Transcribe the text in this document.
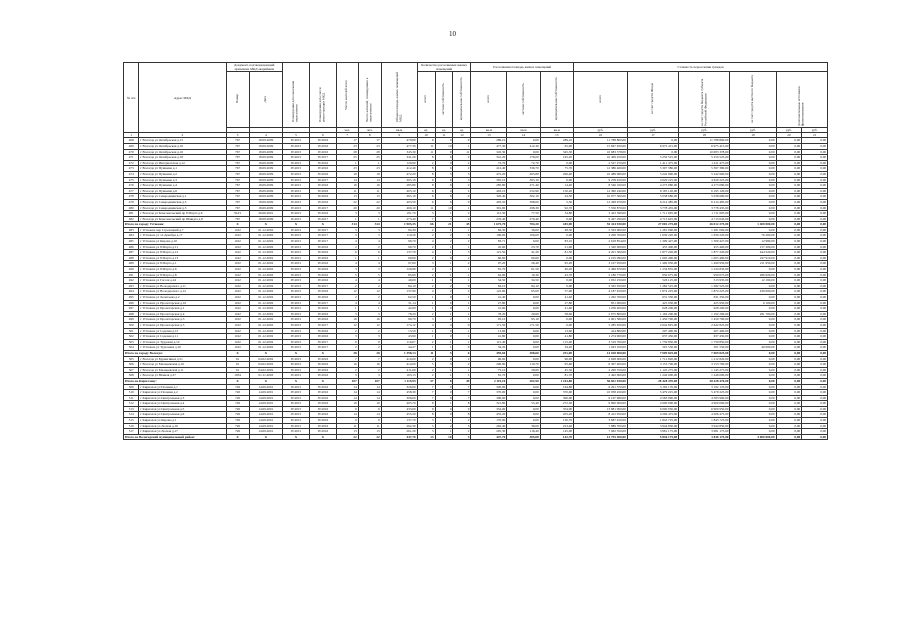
10
№ п/п	Адрес МКД	Документ, подтверждающий признание МКД аварийным		Планируемая дата окончания переселения	Планируемая дата сноса/реконструкции МКД	Число жителей всего	Число жителей, планируемых к переселению	Общая площадь жилых помещений МКД	Количество расселяемых жилых помещений			Расселяемая площадь жилых помещений			Стоимость переселения граждан					
		Номер	Дата						всего	частная собственность	муниципальная собственность	всего	частная собственность	муниципальная собственность	всего	за счет средств Фонда	за счет средств бюджета субъекта Российской Федерации	за счет средств местного бюджета	Дополнительные источники финансирования	
						чел.	чел.	кв.м	ед.	ед.	ед.	кв.м	кв.м	кв.м	руб.	руб.	руб.	руб.	руб.	руб.
1	2	3	4	5	6	7	8	9	10	11	12	13	14	15	16	17	18	19	20	21
468	г Вологда ул Октябрьская д.15	767	18.09.2009	IV.2015	IV.2016	17	17	479,80	9	0	9	289,10	0,00	289,10	11 788 800,00	0,00	11 788 800,00	0,00	0,00	0,00
469	г Вологда ул Октябрьская д.16	767	18.09.2009	IV.2015	IV.2016	23	23	477,30	11	10	1	477,30	412,30	65,00	15 847 650,00	6 975 415,00	6 975 415,00	0,00	0,00	0,00
470	г Вологда ул Октябрьская д.16	767	18.09.2009	IV.2015	IV.2016	28	28	345,30	11	0	11	345,30	0,00	345,30	10 683 378,00	0,00	10 683 378,00	0,00	0,00	0,00
471	г Вологда ул Октябрьская д.18	767	18.09.2009	IV.2015	IV.2017	25	25	341,20	8	6	2	341,20	176,00	165,20	10 409 450,00	5 250 525,00	5 250 525,00	0,00	0,00	0,00
472	г Вологда ул Интернатская д.12	767	18.09.2009	IV.2015	IV.2016	1	1	120,90	2	0	2	72,70	72,70	0,00	2 527 270,00	1 411 475,00	1 411 475,00	0,00	0,00	0,00
473	г Вологда ул Пушкина д.1	767	18.09.2009	IV.2015	IV.2016	23	23	412,40	8	6	2	412,40	336,70	75,70	12 386 460,00	5 397 380,00	5 397 380,00	0,00	0,00	0,00
474	г Вологда ул Пушкина д.2	767	18.09.2009	IV.2015	IV.2016	19	19	472,20	8	5	3	472,20	265,80	206,40	10 489 980,00	5 242 990,00	5 242 990,00	0,00	0,00	0,00
475	г Вологда ул Пушкина д.3	767	18.09.2009	IV.2015	IV.2017	14	14	305,10	9	6	3	305,10	305,10	0,00	9 258 450,00	4 629 225,00	4 629 225,00	0,00	0,00	0,00
476	г Вологда ул Пушкина д.4	767	18.09.2009	IV.2015	IV.2016	19	19	285,80	8	6	2	285,80	271,40	14,40	8 546 160,00	4 273 080,00	4 273 080,00	0,00	0,00	0,00
477	г Вологда ул Пушкина д.6	767	18.09.2009	IV.2015	IV.2016	11	11	403,10	6	4	2	403,10	252,90	150,20	12 390 240,00	6 195 120,00	6 195 120,00	0,00	0,00	0,00
478	г Вологда ул Северодвинская д.1	767	18.09.2009	IV.2015	IV.2016	13	13	365,10	6	6	0	326,40	302,10	24,30	10 077 360,00	5 038 680,00	5 038 680,00	0,00	0,00	0,00
479	г Вологда ул Северодвинская д.3	767	18.09.2009	IV.2015	IV.2016	22	22	403,50	6	6	0	403,50	398,00	5,50	12 428 970,00	6 214 485,00	6 214 485,00	0,00	0,00	0,00
480	г Вологда ул Северодвинская д.5	767	18.09.2009	IV.2015	IV.2017	20	20	460,10	11	10	1	391,00	298,30	92,70	7 556 870,00	3 778 435,00	3 778 435,00	0,00	0,00	0,00
481	г Вологда ул Комсомольский пр 8 Марта д.6	354/1	26.06.2001	IV.2015	IV.2016	3	3	191,70	3	1	2	112,30	77,50	34,80	3 423 390,00	1 711 695,00	1 711 695,00	0,00	0,00	0,00
482	г Вологда ул Комсомольский пр Шмидта д.8	767	18.09.2009	IV.2015	IV.2017	1	1	273,40	7	7	0	276,40	276,40	0,00	9 427 290,00	4 713 645,00	4 713 645,00	0,00	0,00	0,00
Итого по городу Устюжна:		X	X	X	X	314	314	1 905,35	66	21	45	1 675,70	704,20	445,90	55 414 930,00	27 002 275,00	26 012 275,00	1 400 000,00	0,00	0,00
483	г Устюжна пер Стрелецкий д.7	1162	01.12.2002	IV.2015	IV.2017	3	3	84,30	2	1	1	84,30	36,00	48,30	2 563 000,00	1 281 000,00	1 281 000,00	0,00	0,00	0,00
484	г Устюжна ул 14 Декабря д.17	1162	01.12.2002	IV.2015	IV.2017	3	3	110,20	2	2	0	106,00	106,00	0,00	3 206 700,00	1 630 220,00	1 630 220,00	76 260,00	0,00	0,00
485	г Устюжна ул Кирова д.10	1162	01.12.2002	IV.2015	IV.2017	4	4	96,70	4	2	2	83,71	0,00	83,10	2 618 854,00	1 309 427,00	1 309 427,00	12 980,00	0,00	0,00
486	г Устюжна ул 8 Марта д.11	1162	01.12.2002	IV.2015	IV.2016	2	2	90,70	2	1	1	45,60	23,70	21,90	1 320 000,00	455 400,00	455 400,00	157 200,00	0,00	0,00
487	г Устюжна ул 8 Марта д.12	1162	01.12.2002	IV.2015	IV.2016	6	6	137,70	4	1	3	121,50	41,20	81,30	4 201 300,00	1 877 220,00	1 877 220,00	444 520,00	0,00	0,00
488	г Устюжна ул 8 Марта д.13	1162	01.12.2002	IV.2015	IV.2016	1	1	60,60	2	0	2	60,60	60,60	0,00	2 105 090,00	1 005 490,00	1 005 490,00	197 910,00	0,00	0,00
489	г Устюжна ул 8 Марта д.1	1162	01.12.2002	IV.2015	IV.2016	4	4	97,60	3	1	2	97,20	26,40	65,20	3 107 950,00	1 490 950,00	1 490 950,00	211 950,00	0,00	0,00
490	г Устюжна ул 8 Марта д.6	1162	01.12.2002	IV.2015	IV.2016	3	3	120,90	2	1	1	81,70	61,50	40,20	2 469 670,00	1 234 835,00	1 234 835,00	0,00	0,00	0,00
491	г Устюжна ул 8 Марта д.8	1162	01.12.2002	IV.2015	IV.2016	5	5	85,60	2	1	1	62,90	19,30	43,70	2 186 770,00	950 075,00	950 075,00	286 620,00	0,00	0,00
492	г Устюжна ул Гоголя д.24	1162	01.12.2002	IV.2015	IV.2016	4	4	49,00	1	0	1	34,50	34,50	0,00	1 052 250,00	526 125,00	513 935,00	12 190,00	0,00	0,00
493	г Устюжна ул Володарского д.11	1162	01.12.2002	IV.2015	IV.2017	2	2	84,10	2	2	0	84,10	84,10	0,00	2 565 050,00	1 282 525,00	1 282 525,00	0,00	0,00	0,00
494	г Устюжна ул Володарского д.12	1162	01.12.2002	IV.2015	IV.2016	12	12	137,90	4	2	2	122,90	65,00	57,90	4 187 450,00	1 874 225,00	1 874 225,00	439 000,00	0,00	0,00
495	г Устюжна ул Леонтьева д.2	1162	01.12.2002	IV.2015	IV.2016	2	2	62,50	1	0	1	41,40	0,00	41,40	1 262 700,00	631 350,00	631 350,00	0,00	0,00	0,00
496	г Устюжна ул Пролетарская д.16	1162	01.12.2002	IV.2015	IV.2017	4	4	31,14	1	0	1	27,80	0,00	27,80	851 000,00	425 950,00	425 950,00	6 100,00	0,00	0,00
497	г Устюжна ул Пролетарская д.1	1162	01.12.2002	IV.2015	IV.2016	1	1	42,60	1	0	1	41,60	0,00	41,60	1 256 400,00	628 200,00	628 200,00	0,00	0,00	0,00
498	г Устюжна ул Пролетарская д.4	1162	01.12.2002	IV.2015	IV.2016	3	3	78,20	2	1	1	78,20	20,60	58,60	2 675 800,00	1 192 200,00	1 192 200,00	291 700,00	0,00	0,00
499	г Устюжна ул Пролетарская д.3	1162	01.12.2002	IV.2015	IV.2016	16	16	99,70	3	2	1	95,10	95,10	0,00	2 901 580,00	1 450 790,00	1 450 790,00	0,00	0,00	0,00
500	г Устюжна ул Пролетарская д.5	1162	01.12.2002	IV.2015	IV.2017	12	12	174,12	4	4	0	171,50	171,50	0,00	5 285 650,00	2 642 825,00	2 642 825,00	0,00	0,00	0,00
501	г Устюжна ул Садовая д.12	1162	01.12.2002	IV.2015	IV.2016	2	2	13,50	1	0	1	13,60	0,00	13,60	414 800,00	207 400,00	207 400,00	0,00	0,00	0,00
502	г Устюжна ул Садовая д.11	1162	01.12.2002	IV.2015	IV.2016	3	3	43,90	1	0	1	41,80	0,00	41,80	1 274 900,00	637 450,00	637 450,00	0,00	0,00	0,00
503	г Устюжна ул Трудовая д.10	1162	01.12.2002	IV.2015	IV.2017	9	9	119,07	2	1	1	115,40	0,00	115,40	3 519 700,00	1 759 850,00	1 759 850,00	0,00	0,00	0,00
504	г Устюжна ул Тургенева д.16	1162	01.12.2002	IV.2015	IV.2017	2	2	44,27	1	1	0	34,20	0,00	34,20	1 043 100,00	501 550,00	501 550,00	40 000,00	0,00	0,00
Итого по городу Вологда:		X	X	X	X	28	28	1 398,13	11	5	6	459,60	208,60	251,00	14 018 000,00	7 009 825,00	7 009 825,00	0,00	0,00	0,00
505	г Вологда ул Бурмагиных д.51	61	04.02.2002	IV.2015	IV.2016	7	7	410,00	2	0	2	96,00	0,00	96,00	2 928 000,00	1 712 820,00	1 212 820,00	0,00	0,00	0,00
506	г Вологда ул Мальцевская д.10	61	04.02.2002	IV.2015	IV.2016	16	16	414,00	5	3	2	206,80	110,70	95,60	6 307 400,00	3 153 700,00	3 153 700,00	0,00	0,00	0,00
507	г Вологда ул Мальцевская д.11	61	04.02.2002	IV.2015	IV.2016	2	2	411,00	2	1	1	75,10	29,60	45,50	2 290 550,00	1 145 275,00	1 145 275,00	0,00	0,00	0,00
508	г Вологда ул Южная д.37	1634	01.11.2003	IV.2015	IV.2016	3	3	163,13	2	1	1	81,70	0,00	81,70	2 492 000,00	1 249 000,00	1 246 000,00	0,00	0,00	0,00
Итого по Кириллову:		X	X	X	X	107	107	1 119,95	57	8	49	2 119,10	202,90	1 243,80	56 831 930,00	28 428 470,00	28 428 470,00	0,00	0,00	0,00
509	г Кириллов ул Полевая д.1	726	14.09.2001	IV.2015	IV.2016	14	14	320,00	7	0	7	320,00	0,00	164,88	6 201 370,00	3 192 170,00	3 192 170,00	0,00	0,00	0,00
510	г Кириллов ул Полевая д.2	726	14.09.2001	IV.2015	IV.2016	14	14	458,30	7	0	7	370,00	0,00	370,00	10 958 450,00	5 479 225,00	5 479 225,00	0,00	0,00	0,00
511	г Кириллов ул Центральная д.3	726	14.09.2001	IV.2015	IV.2016	14	14	306,00	7	0	7	306,00	0,00	306,00	9 167 980,00	4 583 990,00	4 583 990,00	0,00	0,00	0,00
512	г Кириллов ул Центральная д.4	726	14.09.2001	IV.2015	IV.2016	19	19	405,70	9	1	8	321,80	55,40	272,30	9 800 000,00	4 900 000,00	4 900 000,00	0,00	0,00	0,00
513	г Кириллов ул Центральная д.5	726	14.09.2001	IV.2015	IV.2016	9	9	433,00	9	0	9	354,00	0,00	354,00	13 881 900,00	6 900 950,00	6 900 950,00	0,00	0,00	0,00
514	г Кириллов ул Центральная д.6	726	14.09.2001	IV.2015	IV.2016	14	14	455,20	8	0	8	455,20	0,00	455,20	8 412 950,00	4 206 475,00	4 206 475,00	0,00	0,00	0,00
515	г Кириллов ул Кирова д.1	726	14.09.2001	IV.2015	IV.2016	9	9	137,70	3	1	2	170,90	0,00	130,70	3 687 450,00	1 843 725,00	1 843 725,00	0,00	0,00	0,00
516	г Кириллов ул Лесная д.16	726	14.09.2001	IV.2015	IV.2016	11	11	262,30	5	2	3	262,40	39,00	223,40	7 889 700,00	3 944 850,00	3 944 850,00	0,00	0,00	0,00
517	г Кириллов ул Лесная д.17	726	14.09.2001	IV.2015	IV.2016	13	13	261,20	3	1	2	205,30	116,40	145,00	7 962 350,00	3 981 175,00	3 981 175,00	0,00	0,00	0,00
Итого по Вологодский муниципальный район:		X	X	X	X	22	22	447,70	13	10	3	447,70	305,00	142,70	13 755 200,00	5 836 175,00	3 836 175,00	4 000 000,00	0,00	0,00
